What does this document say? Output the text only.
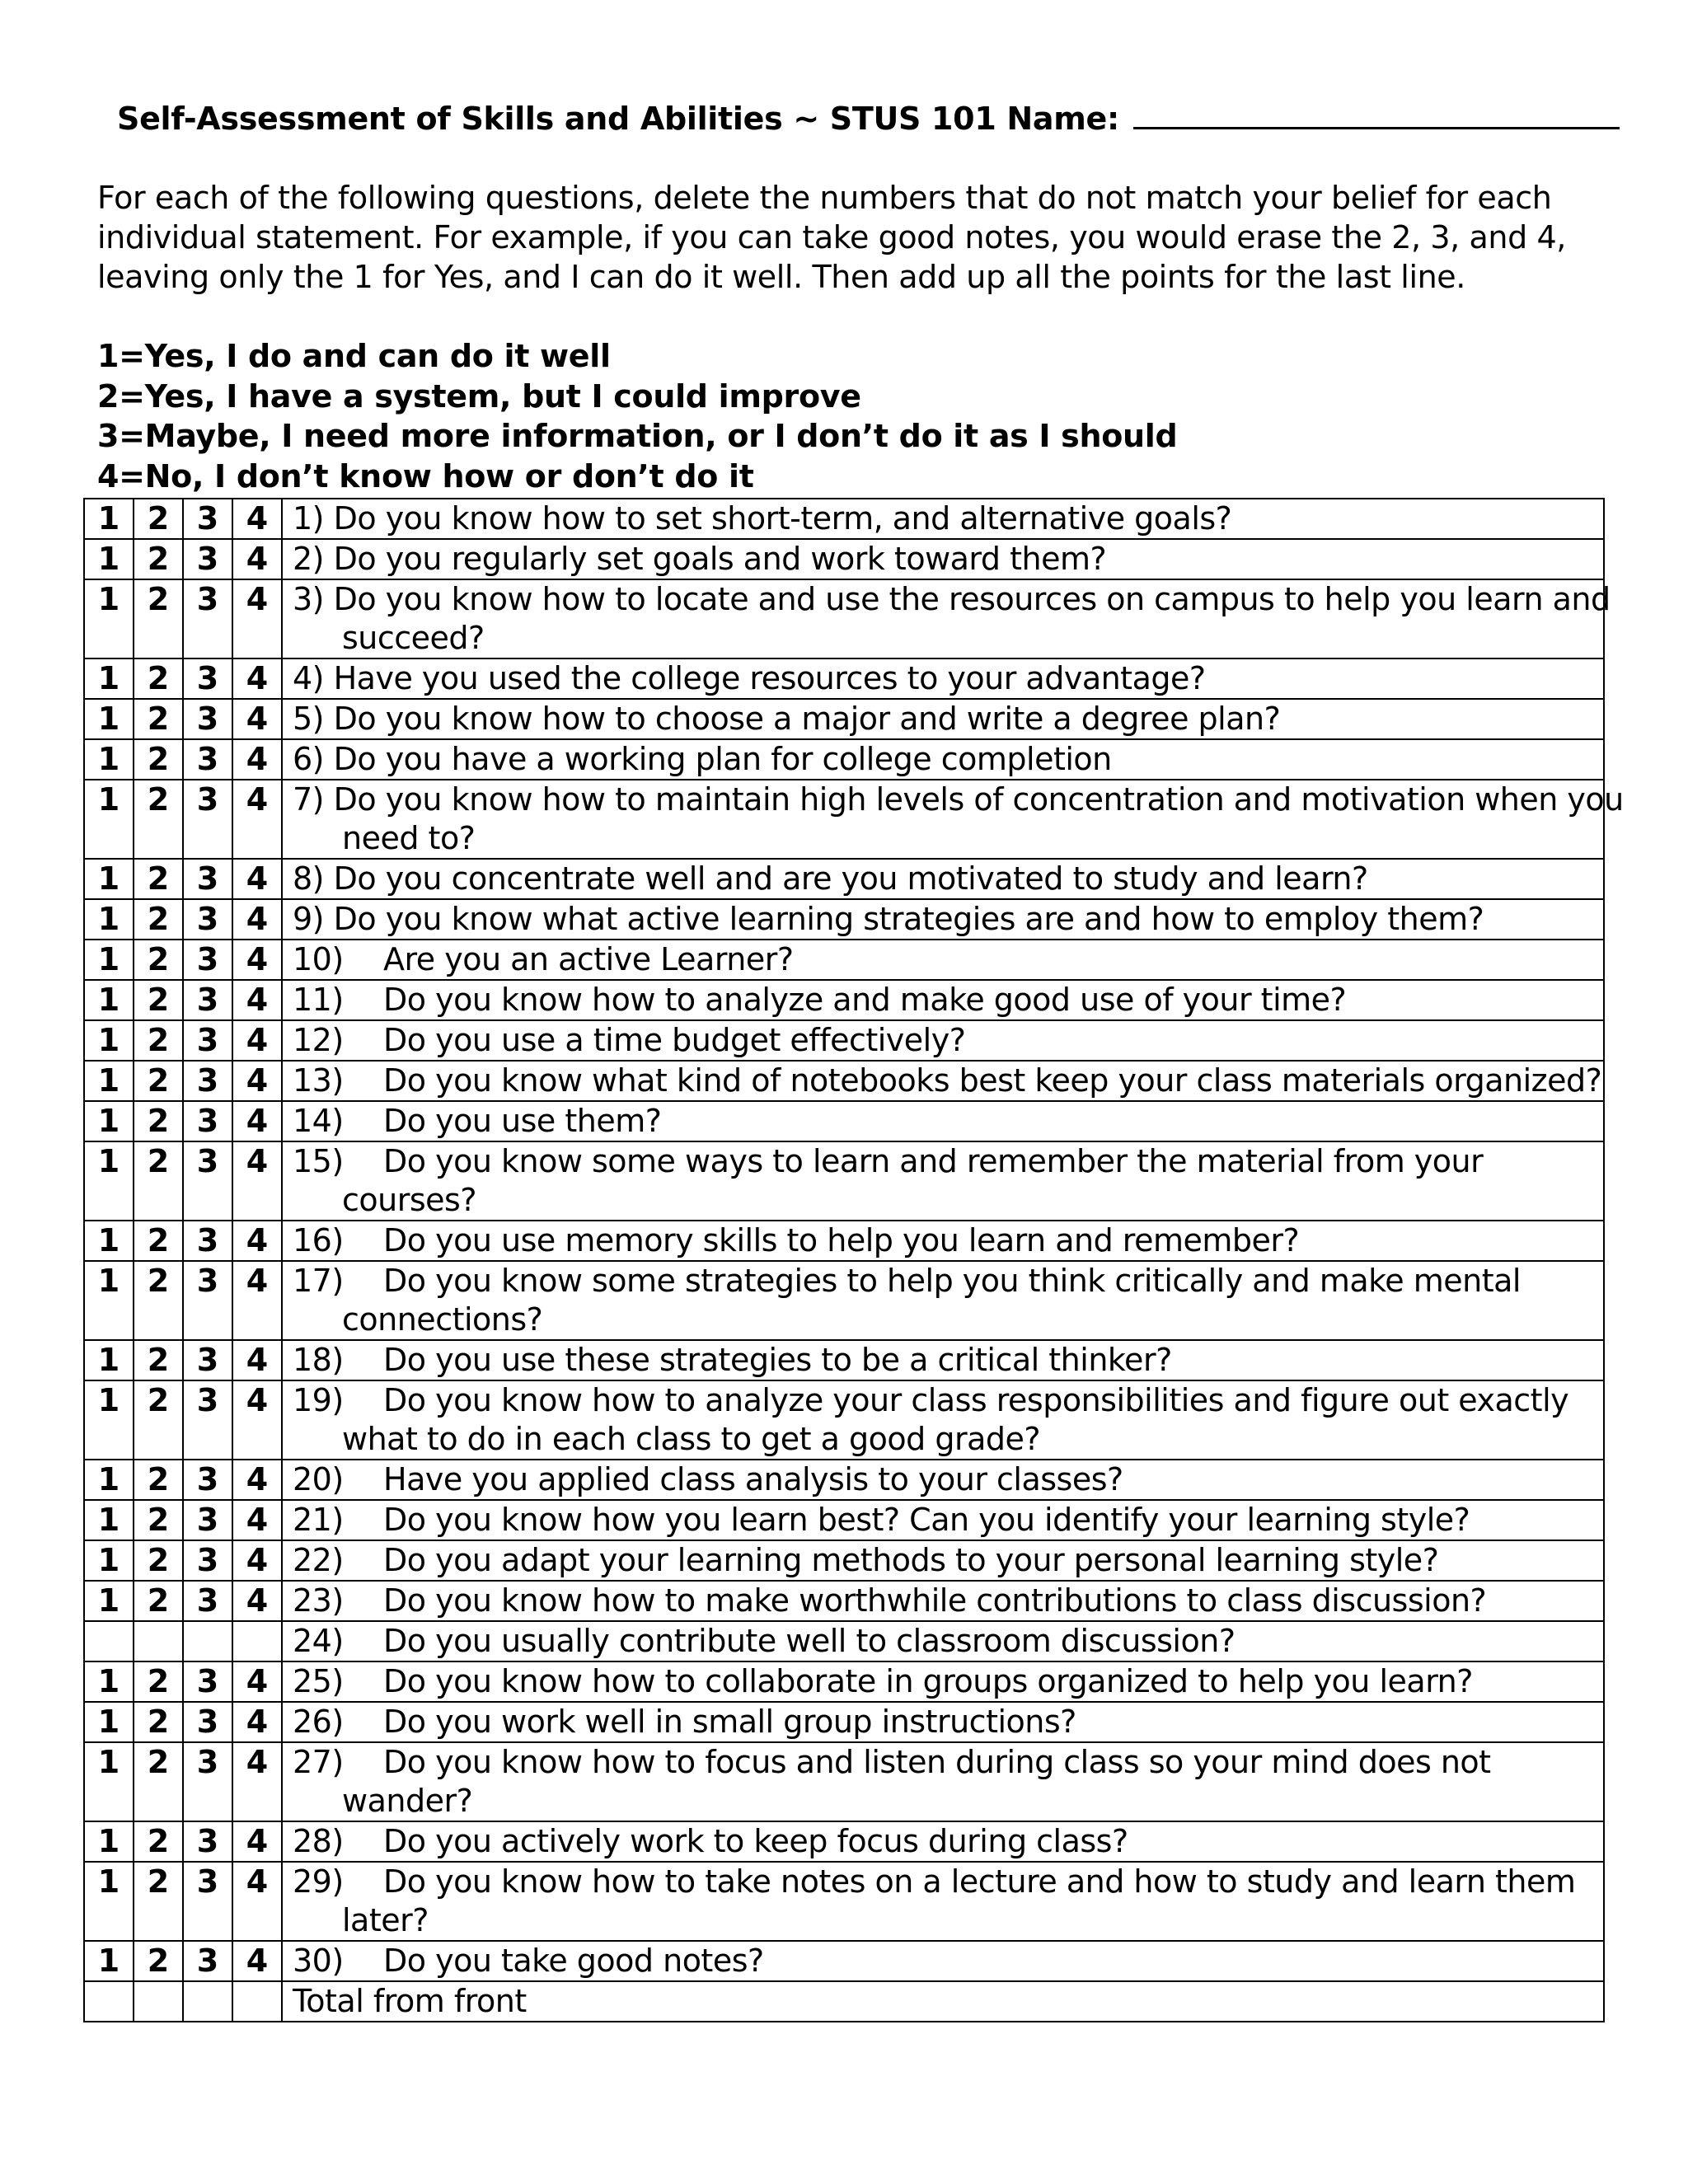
Self-Assessment of Skills and Abilities ~ STUS 101 Name:

For each of the following questions, delete the numbers that do not match your belief for each

individual statement. For example, if you can take good notes, you would erase the 2, 3, and 4,

leaving only the 1 for Yes, and I can do it well. Then add up all the points for the last line.

1=Yes, I do and can do it well
2=Yes, I have a system, but I could improve
3=Maybe, I need more information, or I don’t do it as I should
4=No, I don’t know how or don’t do it
1	2	3	4	1) Do you know how to set short-term, and alternative goals?

1	2	3	4	2) Do you regularly set goals and work toward them?

1	2	3	4	3) Do you know how to locate and use the resources on campus to help you learn and
succeed?

1	2	3	4	4) Have you used the college resources to your advantage?

1	2	3	4	5) Do you know how to choose a major and write a degree plan?

1	2	3	4	6) Do you have a working plan for college completion

1	2	3	4	7) Do you know how to maintain high levels of concentration and motivation when you
need to?

1	2	3	4	8) Do you concentrate well and are you motivated to study and learn?

1	2	3	4	9) Do you know what active learning strategies are and how to employ them?

1	2	3	4	10) Are you an active Learner?

1	2	3	4	11) Do you know how to analyze and make good use of your time?

1	2	3	4	12) Do you use a time budget effectively?

1	2	3	4	13) Do you know what kind of notebooks best keep your class materials organized?

1	2	3	4	14) Do you use them?

1	2	3	4	15) Do you know some ways to learn and remember the material from your
courses?

1	2	3	4	16) Do you use memory skills to help you learn and remember?

1	2	3	4	17) Do you know some strategies to help you think critically and make mental
connections?

1	2	3	4	18) Do you use these strategies to be a critical thinker?

1	2	3	4	19) Do you know how to analyze your class responsibilities and figure out exactly
what to do in each class to get a good grade?

1	2	3	4	20) Have you applied class analysis to your classes?

1	2	3	4	21) Do you know how you learn best? Can you identify your learning style?

1	2	3	4	22) Do you adapt your learning methods to your personal learning style?

1	2	3	4	23) Do you know how to make worthwhile contributions to class discussion?

				24) Do you usually contribute well to classroom discussion?

1	2	3	4	25) Do you know how to collaborate in groups organized to help you learn?

1	2	3	4	26) Do you work well in small group instructions?

1	2	3	4	27) Do you know how to focus and listen during class so your mind does not
wander?

1	2	3	4	28) Do you actively work to keep focus during class?

1	2	3	4	29) Do you know how to take notes on a lecture and how to study and learn them
later?

1	2	3	4	30) Do you take good notes?

				Total from front
